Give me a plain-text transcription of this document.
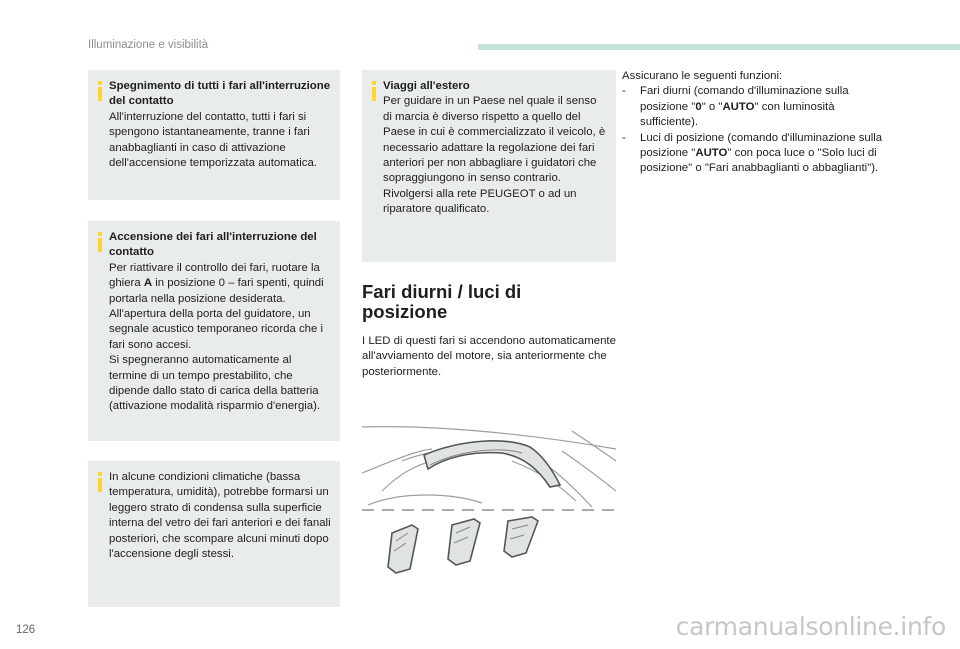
Illuminazione e visibilità
Spegnimento di tutti i fari all'interruzione del contatto
All'interruzione del contatto, tutti i fari si spengono istantaneamente, tranne i fari anabbaglianti in caso di attivazione dell'accensione temporizzata automatica.
Accensione dei fari all'interruzione del contatto
Per riattivare il controllo dei fari, ruotare la ghiera A in posizione 0 – fari spenti, quindi portarla nella posizione desiderata.
All'apertura della porta del guidatore, un segnale acustico temporaneo ricorda che i fari sono accesi.
Si spegneranno automaticamente al termine di un tempo prestabilito, che dipende dallo stato di carica della batteria (attivazione modalità risparmio d'energia).
In alcune condizioni climatiche (bassa temperatura, umidità), potrebbe formarsi un leggero strato di condensa sulla superficie interna del vetro dei fari anteriori e dei fanali posteriori, che scompare alcuni minuti dopo l'accensione degli stessi.
Viaggi all'estero
Per guidare in un Paese nel quale il senso di marcia è diverso rispetto a quello del Paese in cui è commercializzato il veicolo, è necessario adattare la regolazione dei fari anteriori per non abbagliare i guidatori che sopraggiungono in senso contrario. Rivolgersi alla rete PEUGEOT o ad un riparatore qualificato.
Fari diurni / luci di
posizione
I LED di questi fari si accendono automaticamente all'avviamento del motore, sia anteriormente che posteriormente.
Assicurano le seguenti funzioni:
- Fari diurni (comando d'illuminazione sulla posizione "0" o "AUTO" con luminosità sufficiente).
- Luci di posizione (comando d'illuminazione sulla posizione "AUTO" con poca luce o "Solo luci di posizione" o "Fari anabbaglianti o abbaglianti").
126	carmanualsonline.info
